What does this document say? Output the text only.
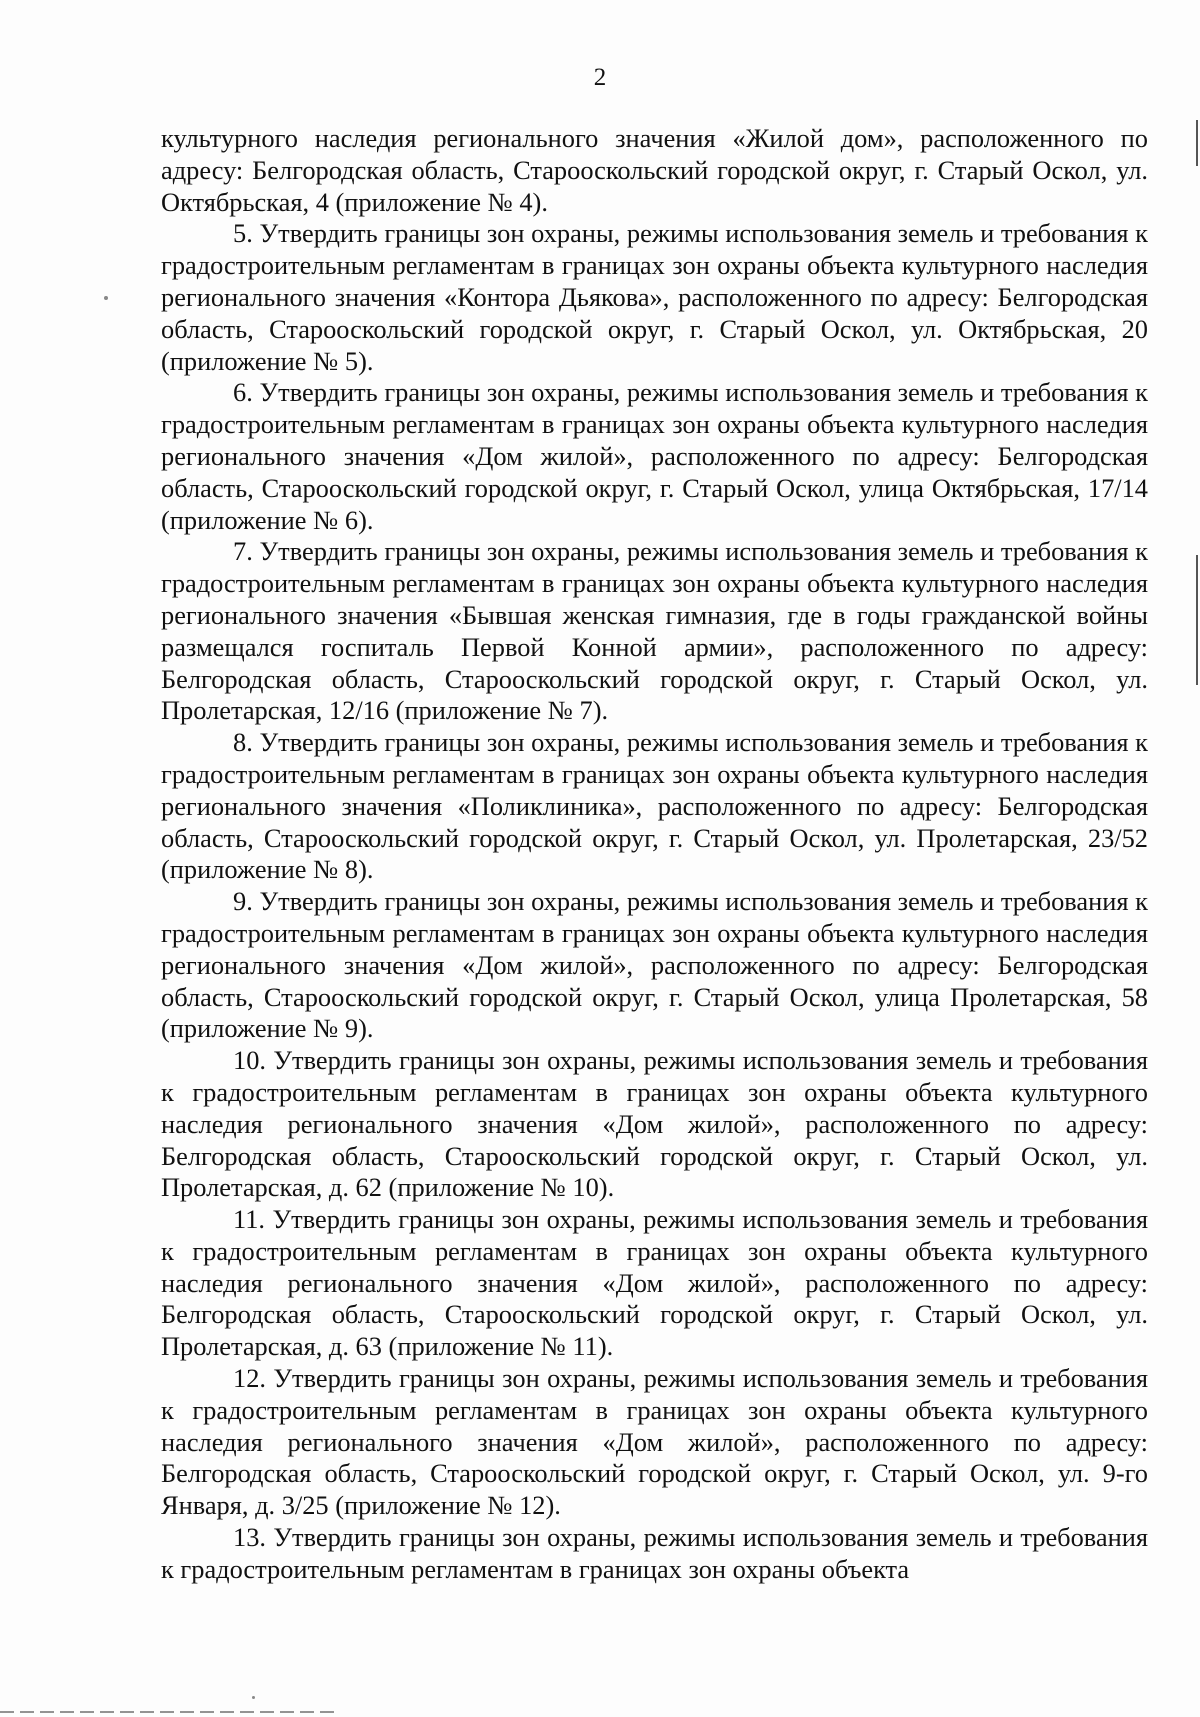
2

культурного наследия регионального значения «Жилой дом», расположенного по адресу: Белгородская область, Старооскольский городской округ, г. Старый Оскол, ул. Октябрьская, 4 (приложение № 4).

5. Утвердить границы зон охраны, режимы использования земель и требования к градостроительным регламентам в границах зон охраны объекта культурного наследия регионального значения «Контора Дьякова», расположенного по адресу: Белгородская область, Старооскольский городской округ, г. Старый Оскол, ул. Октябрьская, 20 (приложение № 5).

6. Утвердить границы зон охраны, режимы использования земель и требования к градостроительным регламентам в границах зон охраны объекта культурного наследия регионального значения «Дом жилой», расположенного по адресу: Белгородская область, Старооскольский городской округ, г. Старый Оскол, улица Октябрьская, 17/14 (приложение № 6).

7. Утвердить границы зон охраны, режимы использования земель и требования к градостроительным регламентам в границах зон охраны объекта культурного наследия регионального значения «Бывшая женская гимназия, где в годы гражданской войны размещался госпиталь Первой Конной армии», расположенного по адресу: Белгородская область, Старооскольский городской округ, г. Старый Оскол, ул. Пролетарская, 12/16 (приложение № 7).

8. Утвердить границы зон охраны, режимы использования земель и требования к градостроительным регламентам в границах зон охраны объекта культурного наследия регионального значения «Поликлиника», расположенного по адресу: Белгородская область, Старооскольский городской округ, г. Старый Оскол, ул. Пролетарская, 23/52 (приложение № 8).

9. Утвердить границы зон охраны, режимы использования земель и требования к градостроительным регламентам в границах зон охраны объекта культурного наследия регионального значения «Дом жилой», расположенного по адресу: Белгородская область, Старооскольский городской округ, г. Старый Оскол, улица Пролетарская, 58 (приложение № 9).

10. Утвердить границы зон охраны, режимы использования земель и требования к градостроительным регламентам в границах зон охраны объекта культурного наследия регионального значения «Дом жилой», расположенного по адресу: Белгородская область, Старооскольский городской округ, г. Старый Оскол, ул. Пролетарская, д. 62 (приложение № 10).

11. Утвердить границы зон охраны, режимы использования земель и требования к градостроительным регламентам в границах зон охраны объекта культурного наследия регионального значения «Дом жилой», расположенного по адресу: Белгородская область, Старооскольский городской округ, г. Старый Оскол, ул. Пролетарская, д. 63 (приложение № 11).

12. Утвердить границы зон охраны, режимы использования земель и требования к градостроительным регламентам в границах зон охраны объекта культурного наследия регионального значения «Дом жилой», расположенного по адресу: Белгородская область, Старооскольский городской округ, г. Старый Оскол, ул. 9-го Января, д. 3/25 (приложение № 12).

13. Утвердить границы зон охраны, режимы использования земель и требования к градостроительным регламентам в границах зон охраны объекта
